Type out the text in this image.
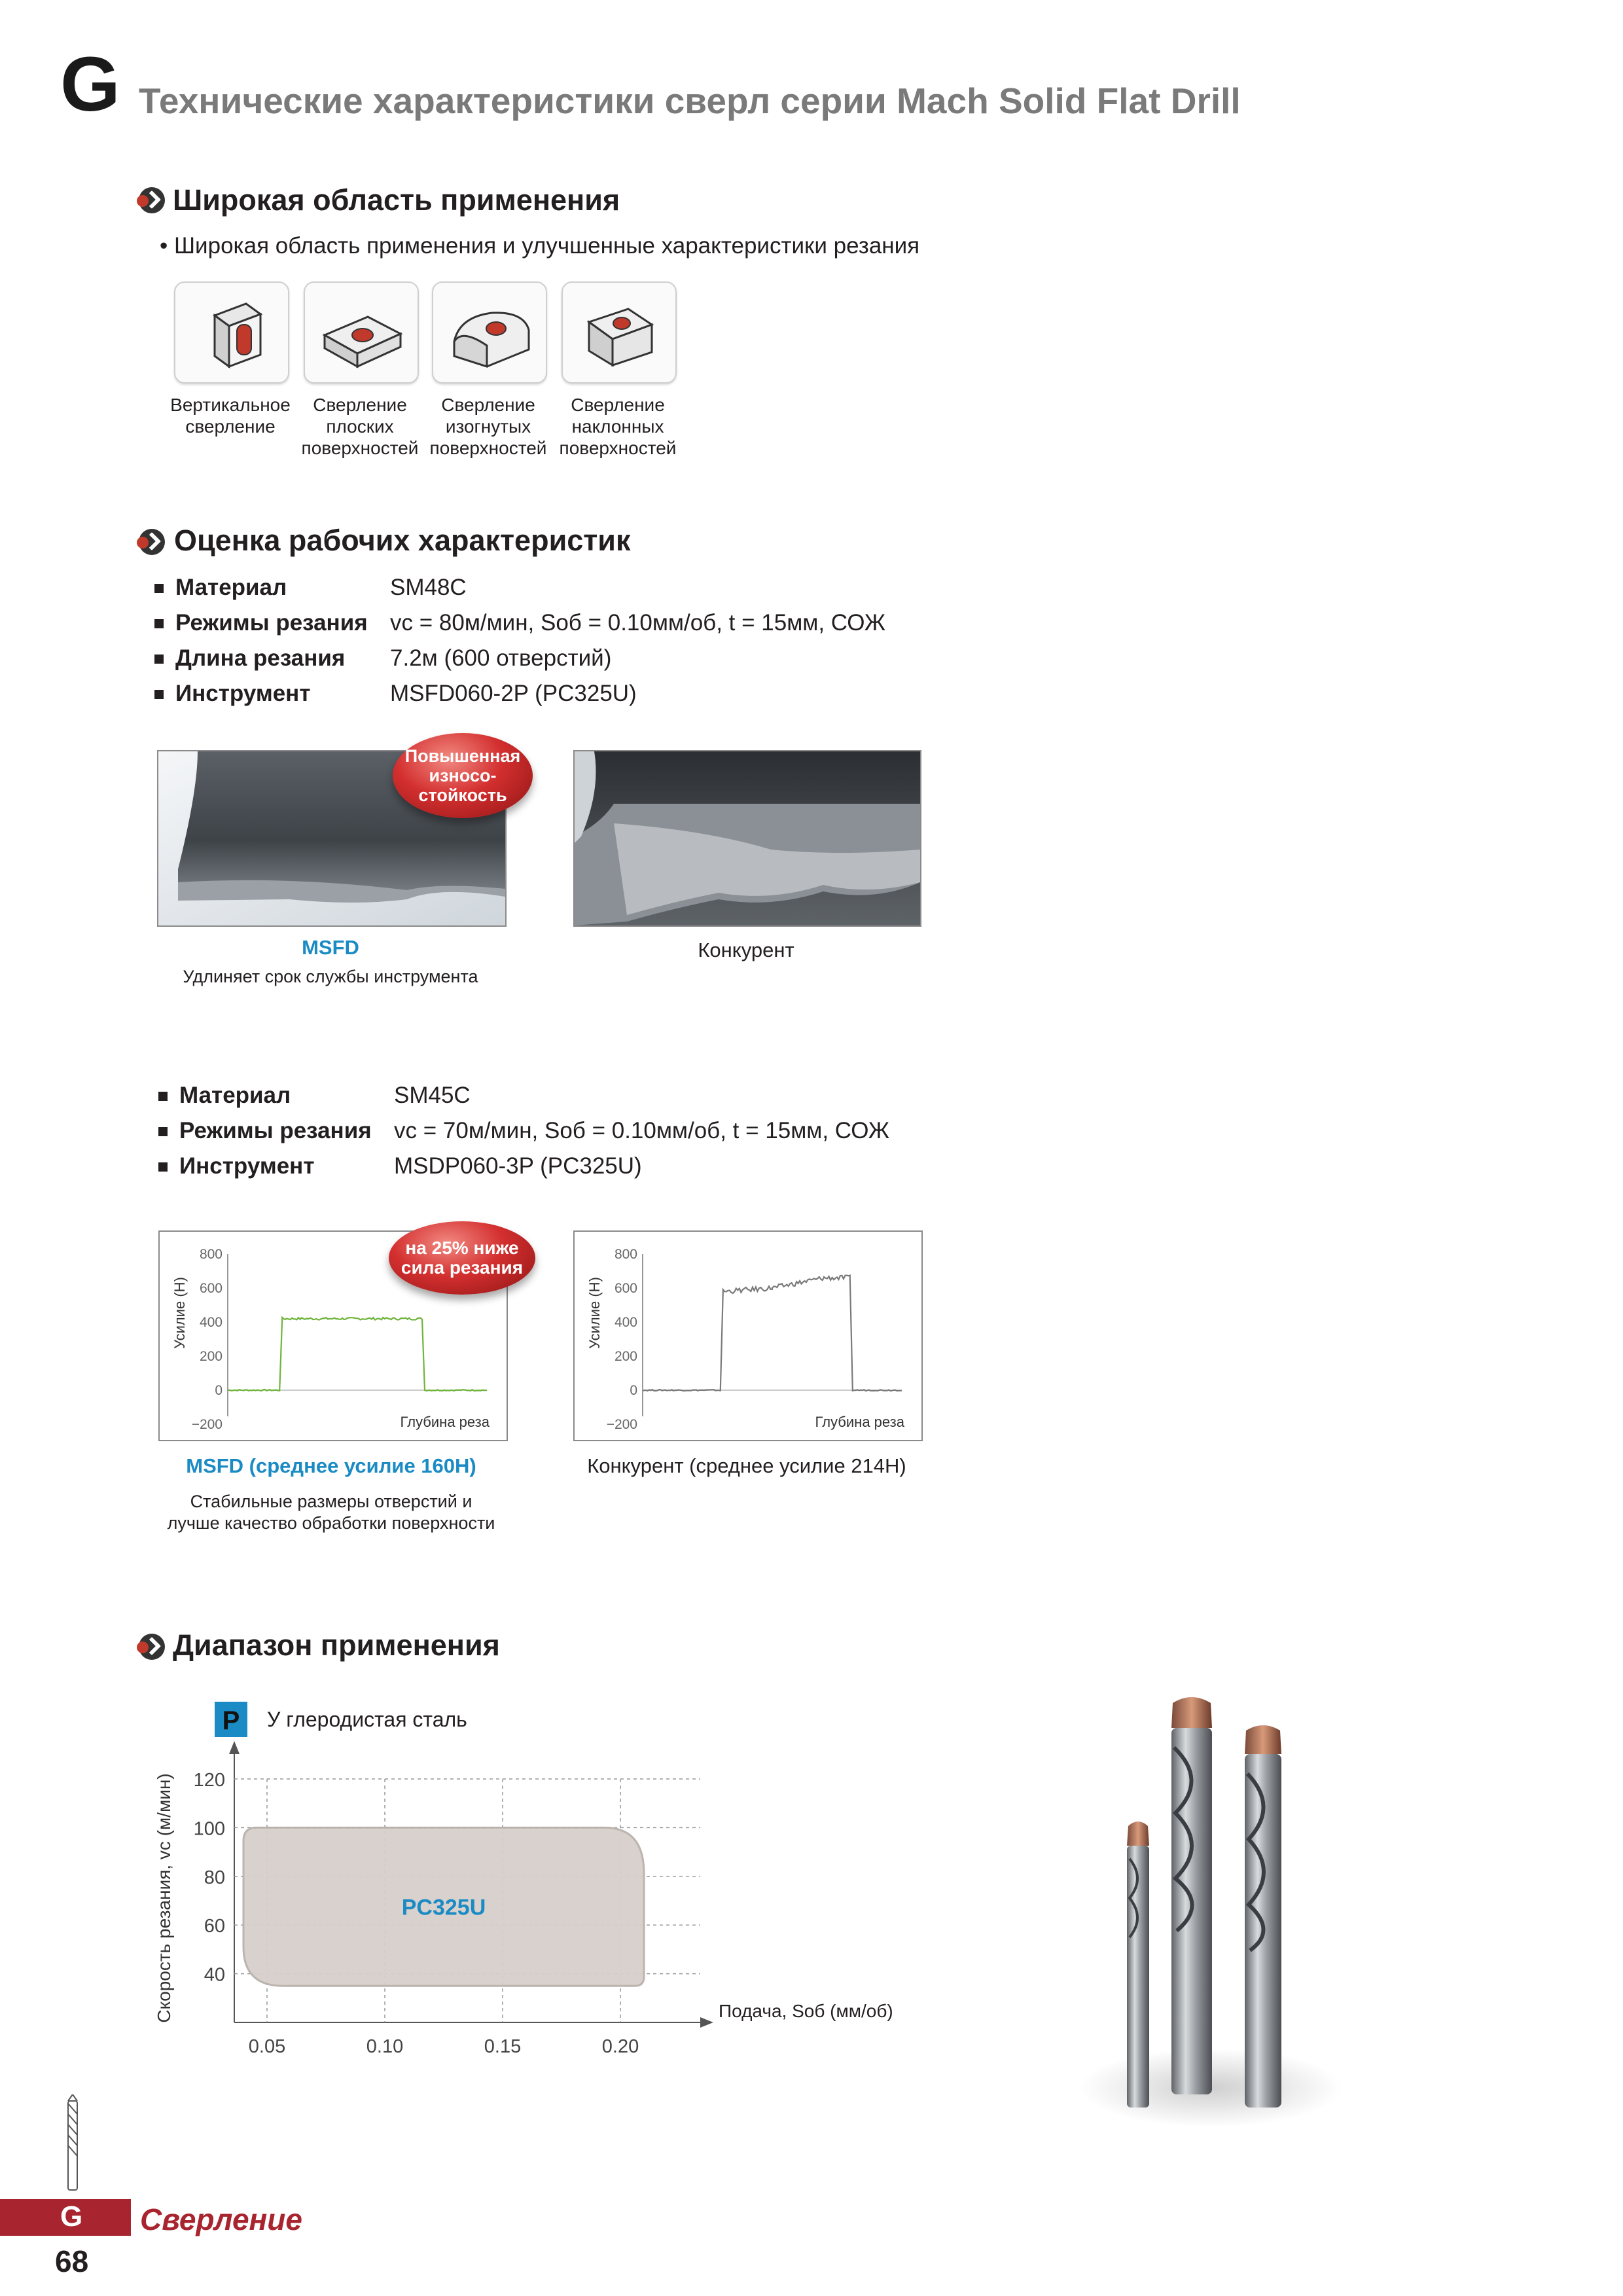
G Технические характеристики сверл серии Mach Solid Flat Drill
Широкая область применения
• Широкая область применения и улучшенные характеристики резания
Вертикальное
сверление
Сверление
плоских
поверхностей
Сверление
изогнутых
поверхностей
Сверление
наклонных
поверхностей
Оценка рабочих характеристик
Материал	SM48C
Режимы резания vc = 80м/мин, Sоб = 0.10мм/об, t = 15мм, СОЖ
Длина резания 7.2м (600 отверстий)
Инструмент	MSFD060-2P (PC325U)
Повышенная
износо-
стойкость
MSFD
Удлиняет срок службы инструмента
Конкурент
Материал	SM45C
Режимы резания vc = 70м/мин, Sоб = 0.10мм/об, t = 15мм, СОЖ
Инструмент	MSDP060-3P (PC325U)
800
600
400
200
0
−200
Усилие (Н)
Глубина реза
800
600
400
200
0
−200
Усилие (Н)
Глубина реза
на 25% ниже
сила резания
MSFD (среднее усилие 160Н)
Стабильные размеры отверстий и
лучше качество обработки поверхности
Конкурент (среднее усилие 214Н)
Диапазон применения
P У глеродистая сталь
120
100
80
60
40
0.05	0.10	0.15	0.20
Скорость резания, vc (м/мин)	Подача, Sоб (мм/об)
PC325U
G Сверление
68
